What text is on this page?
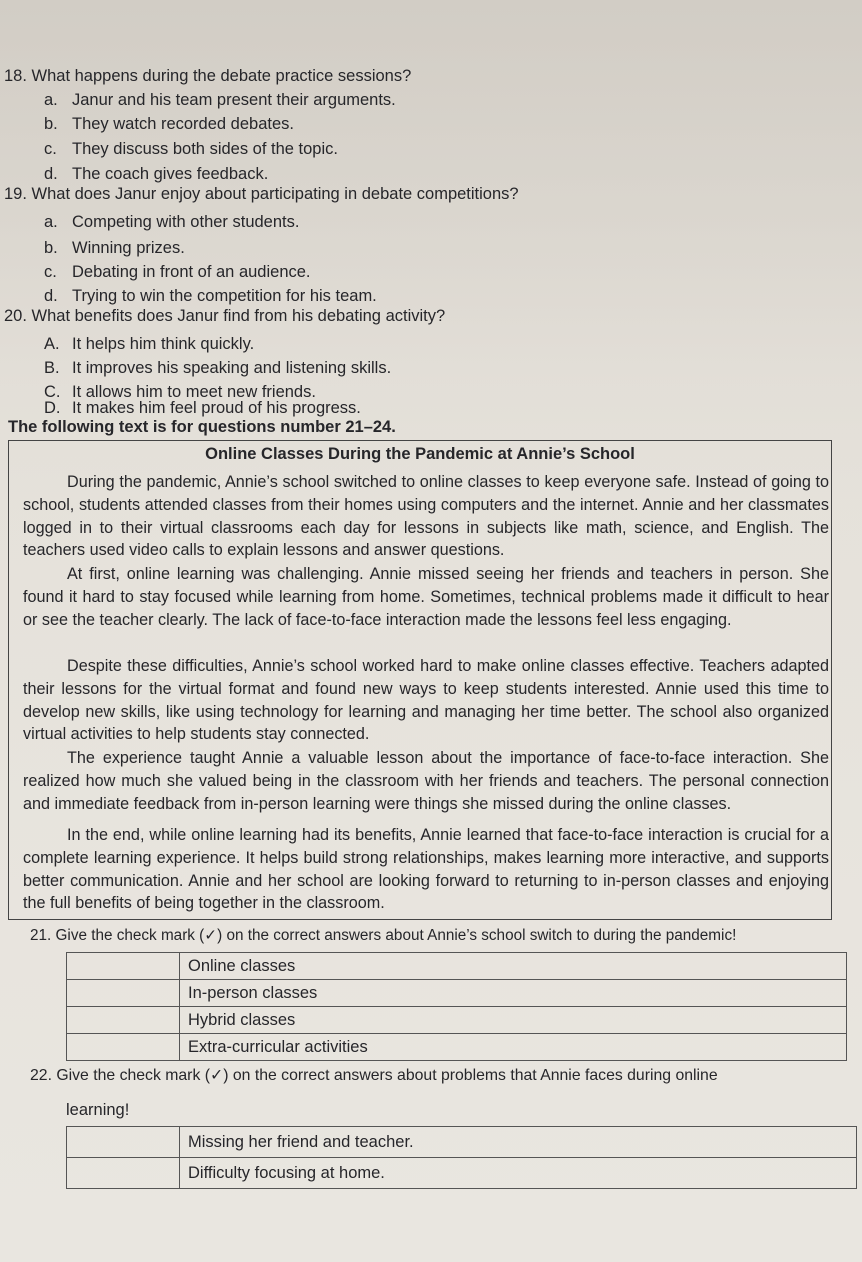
18. What happens during the debate practice sessions?
a. Janur and his team present their arguments.
b. They watch recorded debates.
c. They discuss both sides of the topic.
d. The coach gives feedback.
19. What does Janur enjoy about participating in debate competitions?
a. Competing with other students.
b. Winning prizes.
c. Debating in front of an audience.
d. Trying to win the competition for his team.
20. What benefits does Janur find from his debating activity?
A. It helps him think quickly.
B. It improves his speaking and listening skills.
C. It allows him to meet new friends.
D. It makes him feel proud of his progress.
The following text is for questions number 21–24.
Online Classes During the Pandemic at Annie’s School

During the pandemic, Annie’s school switched to online classes to keep everyone safe. Instead of going to school, students attended classes from their homes using computers and the internet. Annie and her classmates logged in to their virtual classrooms each day for lessons in subjects like math, science, and English. The teachers used video calls to explain lessons and answer questions.

At first, online learning was challenging. Annie missed seeing her friends and teachers in person. She found it hard to stay focused while learning from home. Sometimes, technical problems made it difficult to hear or see the teacher clearly. The lack of face-to-face interaction made the lessons feel less engaging.

Despite these difficulties, Annie’s school worked hard to make online classes effective. Teachers adapted their lessons for the virtual format and found new ways to keep students interested. Annie used this time to develop new skills, like using technology for learning and managing her time better. The school also organized virtual activities to help students stay connected.

The experience taught Annie a valuable lesson about the importance of face-to-face interaction. She realized how much she valued being in the classroom with her friends and teachers. The personal connection and immediate feedback from in-person learning were things she missed during the online classes.

In the end, while online learning had its benefits, Annie learned that face-to-face interaction is crucial for a complete learning experience. It helps build strong relationships, makes learning more interactive, and supports better communication. Annie and her school are looking forward to returning to in-person classes and enjoying the full benefits of being together in the classroom.

21. Give the check mark (✓) on the correct answers about Annie’s school switch to during the pandemic!
	Online classes
	In-person classes
	Hybrid classes
	Extra-curricular activities
22. Give the check mark (✓) on the correct answers about problems that Annie faces during online
learning!
	Missing her friend and teacher.
	Difficulty focusing at home.
